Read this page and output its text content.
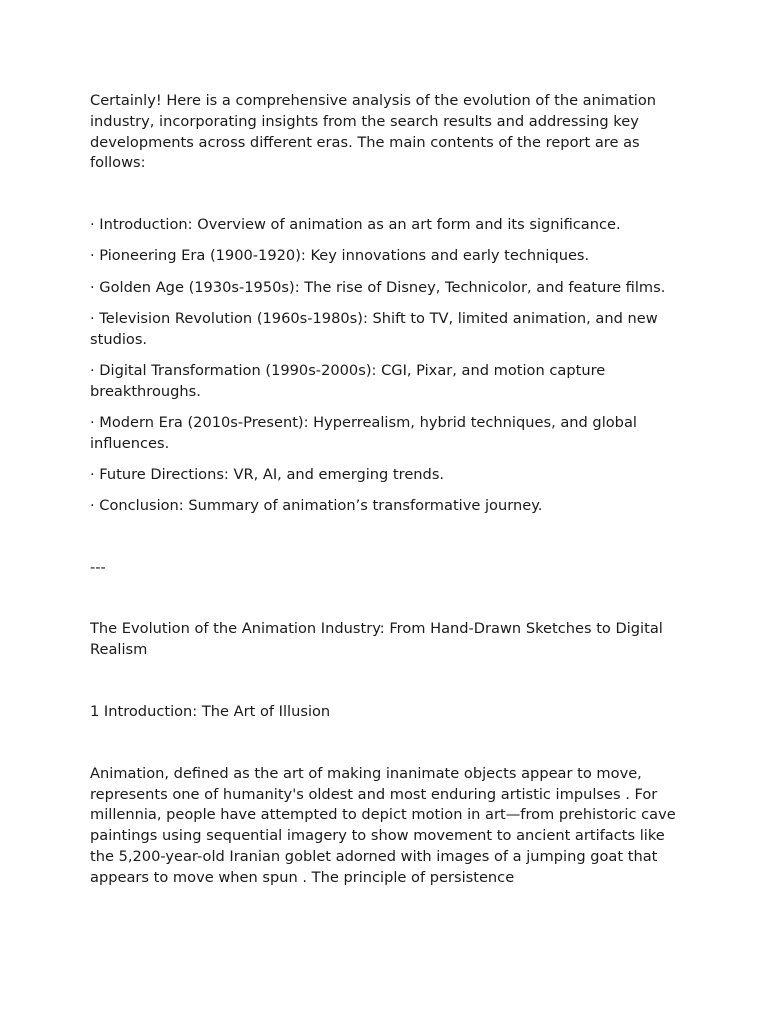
Certainly! Here is a comprehensive analysis of the evolution of the animation industry, incorporating insights from the search results and addressing key developments across different eras. The main contents of the report are as follows:

· Introduction: Overview of animation as an art form and its significance.
· Pioneering Era (1900-1920): Key innovations and early techniques.
· Golden Age (1930s-1950s): The rise of Disney, Technicolor, and feature films.
· Television Revolution (1960s-1980s): Shift to TV, limited animation, and new studios.
· Digital Transformation (1990s-2000s): CGI, Pixar, and motion capture breakthroughs.
· Modern Era (2010s-Present): Hyperrealism, hybrid techniques, and global influences.
· Future Directions: VR, AI, and emerging trends.
· Conclusion: Summary of animation’s transformative journey.

---

The Evolution of the Animation Industry: From Hand-Drawn Sketches to Digital Realism
1 Introduction: The Art of Illusion

Animation, defined as the art of making inanimate objects appear to move, represents one of humanity's oldest and most enduring artistic impulses . For millennia, people have attempted to depict motion in art—from prehistoric cave paintings using sequential imagery to show movement to ancient artifacts like the 5,200-year-old Iranian goblet adorned with images of a jumping goat that appears to move when spun . The principle of persistence
